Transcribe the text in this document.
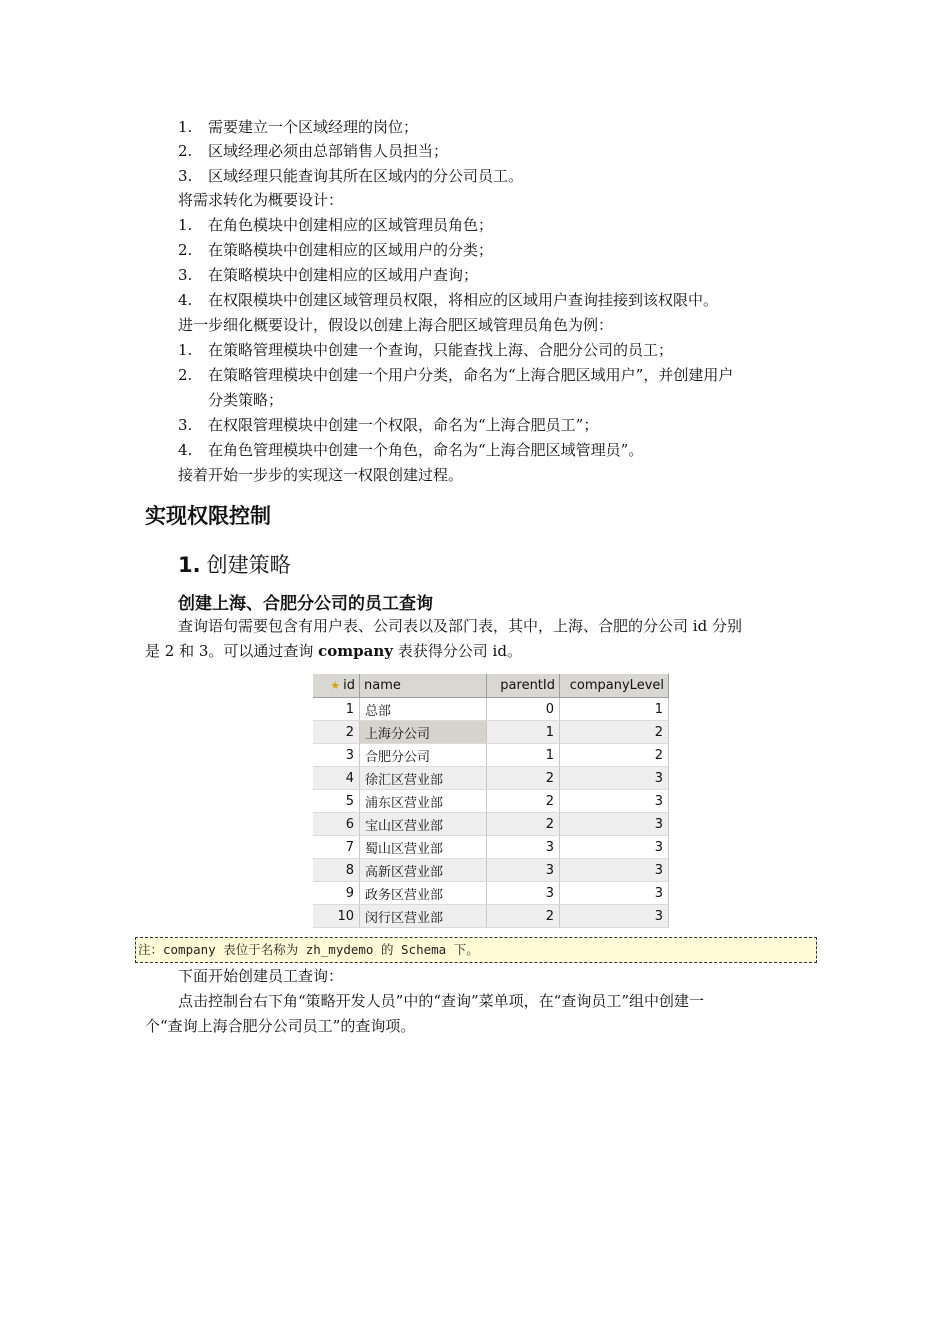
1. 需要建立一个区域经理的岗位；
2. 区域经理必须由总部销售人员担当；
3. 区域经理只能查询其所在区域内的分公司员工。
将需求转化为概要设计：
1. 在角色模块中创建相应的区域管理员角色；
2. 在策略模块中创建相应的区域用户的分类；
3. 在策略模块中创建相应的区域用户查询；
4. 在权限模块中创建区域管理员权限，将相应的区域用户查询挂接到该权限中。
进一步细化概要设计，假设以创建上海合肥区域管理员角色为例：
1. 在策略管理模块中创建一个查询，只能查找上海、合肥分公司的员工；
2. 在策略管理模块中创建一个用户分类，命名为“上海合肥区域用户”，并创建用户
分类策略；
3. 在权限管理模块中创建一个权限，命名为“上海合肥员工”；
4. 在角色管理模块中创建一个角色，命名为“上海合肥区域管理员”。
接着开始一步步的实现这一权限创建过程。
实现权限控制
1. 创建策略
创建上海、合肥分公司的员工查询
查询语句需要包含有用户表、公司表以及部门表，其中，上海、合肥的分公司 id 分别
是 2 和 3。可以通过查询 company 表获得分公司 id。
★ id	name	parentId	companyLevel
1	总部	0	1
2	上海分公司	1	2
3	合肥分公司	1	2
4	徐汇区营业部	2	3
5	浦东区营业部	2	3
6	宝山区营业部	2	3
7	蜀山区营业部	3	3
8	高新区营业部	3	3
9	政务区营业部	3	3
10	闵行区营业部	2	3
注：company 表位于名称为 zh_mydemo 的 Schema 下。
下面开始创建员工查询：
点击控制台右下角“策略开发人员”中的“查询”菜单项，在“查询员工”组中创建一
个“查询上海合肥分公司员工”的查询项。
